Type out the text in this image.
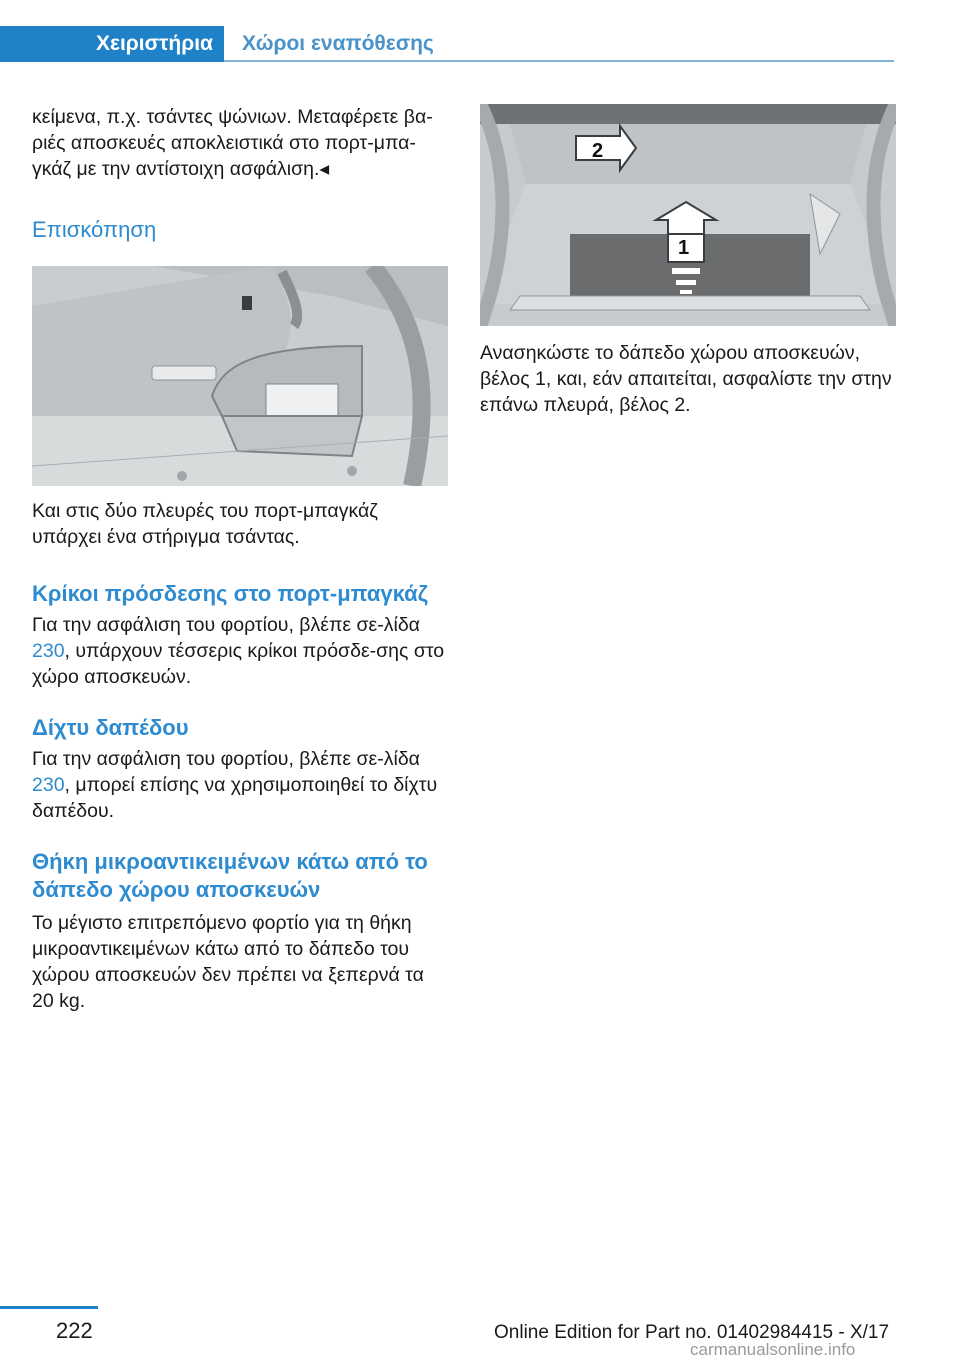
Χειριστήρια	Χώροι εναπόθεσης

κείμενα, π.χ. τσάντες ψώνιων. Μεταφέρετε βα‐ριές αποσκευές αποκλειστικά στο πορτ-μπα‐γκάζ με την αντίστοιχη ασφάλιση.◂

Επισκόπηση

Και στις δύο πλευρές του πορτ-μπαγκάζ υπάρχει ένα στήριγμα τσάντας.

Κρίκοι πρόσδεσης στο πορτ-μπαγκάζ

Για την ασφάλιση του φορτίου, βλέπε σε‐λίδα 230, υπάρχουν τέσσερις κρίκοι πρόσδε‐σης στο χώρο αποσκευών.

Δίχτυ δαπέδου

Για την ασφάλιση του φορτίου, βλέπε σε‐λίδα 230, μπορεί επίσης να χρησιμοποιηθεί το δίχτυ δαπέδου.

Θήκη μικροαντικειμένων κάτω από το δάπεδο χώρου αποσκευών

Το μέγιστο επιτρεπόμενο φορτίο για τη θήκη μικροαντικειμένων κάτω από το δάπεδο του χώρου αποσκευών δεν πρέπει να ξεπερνά τα 20 kg.

2
1

Ανασηκώστε το δάπεδο χώρου αποσκευών, βέλος 1, και, εάν απαιτείται, ασφαλίστε την στην επάνω πλευρά, βέλος 2.

222	Online Edition for Part no. 01402984415 - X/17
carmanualsonline.info
